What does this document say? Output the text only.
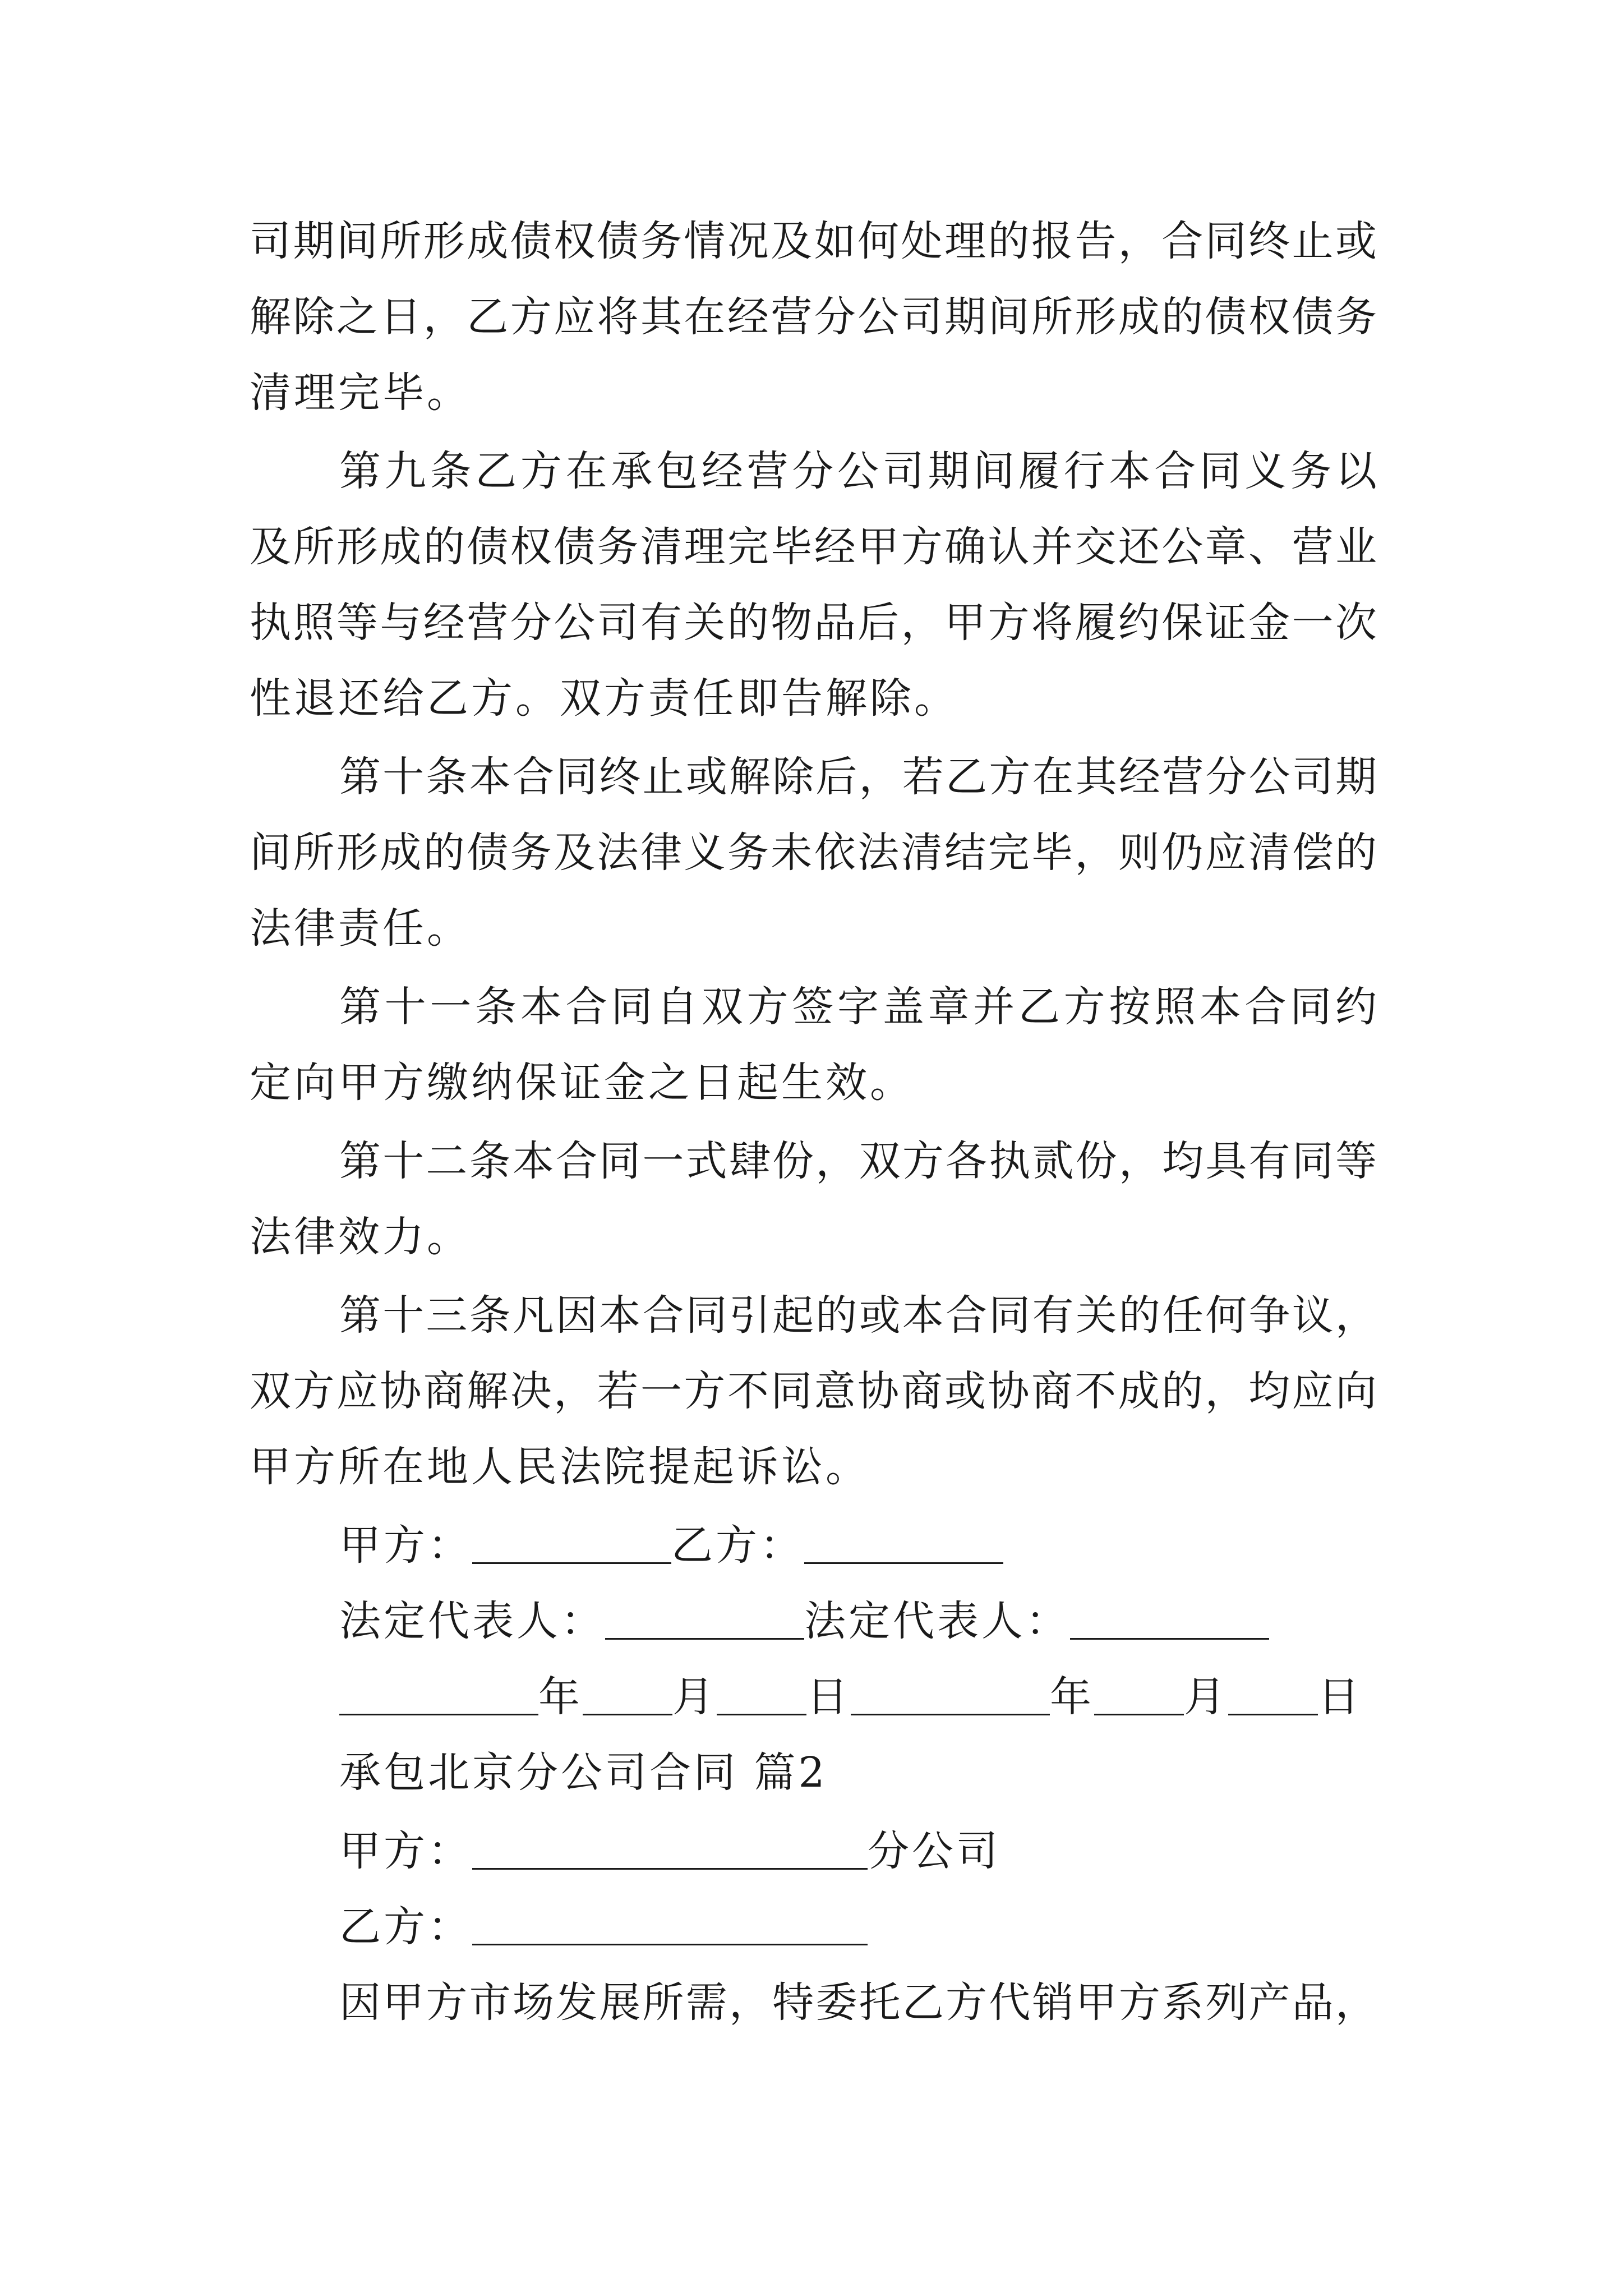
司期间所形成债权债务情况及如何处理的报告，合同终止或
解除之日，乙方应将其在经营分公司期间所形成的债权债务
清理完毕。
第九条乙方在承包经营分公司期间履行本合同义务以
及所形成的债权债务清理完毕经甲方确认并交还公章、营业
执照等与经营分公司有关的物品后，甲方将履约保证金一次
性退还给乙方。双方责任即告解除。
第十条本合同终止或解除后，若乙方在其经营分公司期
间所形成的债务及法律义务未依法清结完毕，则仍应清偿的
法律责任。
第十一条本合同自双方签字盖章并乙方按照本合同约
定向甲方缴纳保证金之日起生效。
第十二条本合同一式肆份，双方各执贰份，均具有同等
法律效力。
第十三条凡因本合同引起的或本合同有关的任何争议，
双方应协商解决，若一方不同意协商或协商不成的，均应向
甲方所在地人民法院提起诉讼。
甲方：	乙方：
法定代表人：	法定代表人：
年 月 日	年 月 日
承包北京分公司合同 篇2
甲方：	分公司
乙方：
因甲方市场发展所需，特委托乙方代销甲方系列产品，
